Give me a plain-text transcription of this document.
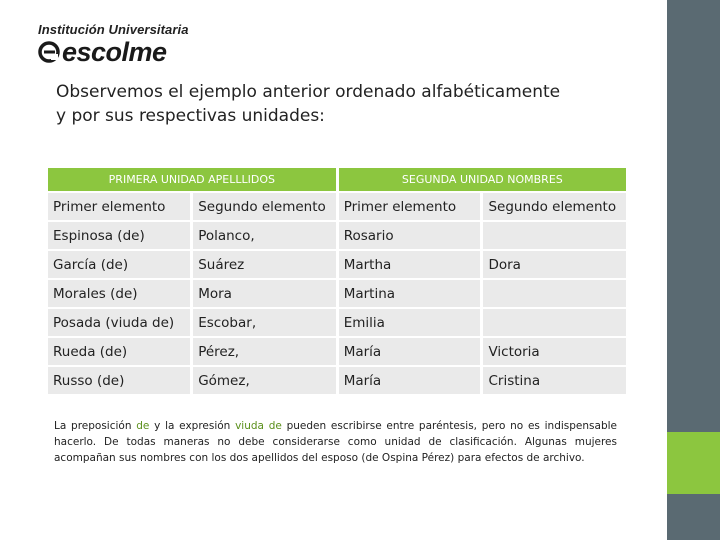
Institución Universitaria
escolme
Observemos el ejemplo anterior ordenado alfabéticamente
y por sus respectivas unidades:
PRIMERA UNIDAD APELLLIDOS		SEGUNDA UNIDAD NOMBRES	
Primer elemento	Segundo elemento	Primer elemento	Segundo elemento
Espinosa (de)	Polanco,	Rosario	
García (de)	Suárez	Martha	Dora
Morales (de)	Mora	Martina	
Posada (viuda de)	Escobar,	Emilia	
Rueda (de)	Pérez,	María	Victoria
Russo (de)	Gómez,	María	Cristina
La preposición de y la expresión viuda de pueden escribirse entre paréntesis, pero no es indispensable hacerlo. De todas maneras no debe considerarse como unidad de clasificación. Algunas mujeres acompañan sus nombres con los dos apellidos del esposo (de Ospina Pérez) para efectos de archivo.
